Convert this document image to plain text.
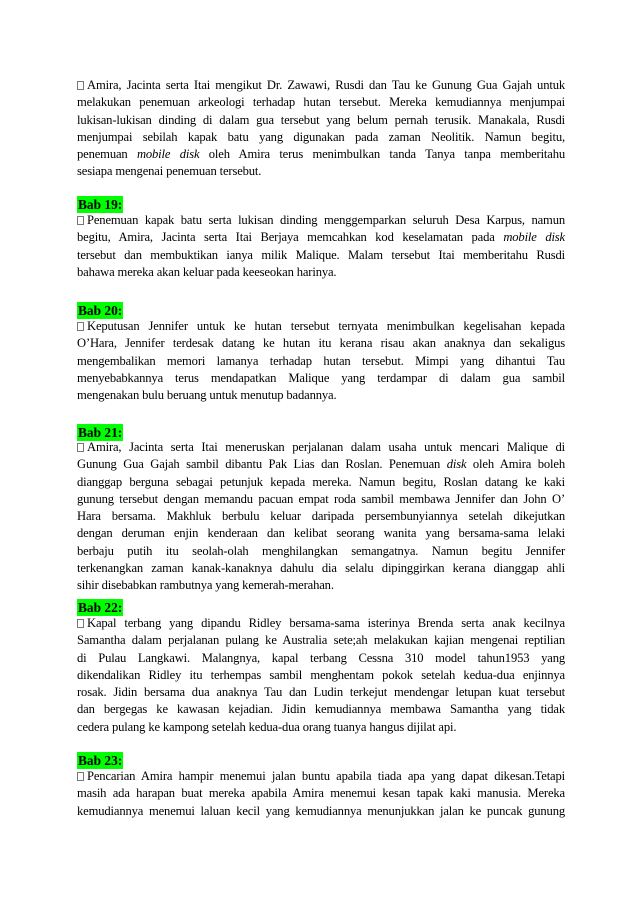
Amira, Jacinta serta Itai mengikut Dr. Zawawi, Rusdi dan Tau ke Gunung Gua Gajah untuk
melakukan penemuan arkeologi terhadap hutan tersebut. Mereka kemudiannya menjumpai
lukisan-lukisan dinding di dalam gua tersebut yang belum pernah terusik. Manakala, Rusdi
menjumpai sebilah kapak batu yang digunakan pada zaman Neolitik. Namun begitu,
penemuan mobile disk oleh Amira terus menimbulkan tanda Tanya tanpa memberitahu
sesiapa mengenai penemuan tersebut.
Bab 19:
Penemuan kapak batu serta lukisan dinding menggemparkan seluruh Desa Karpus, namun
begitu, Amira, Jacinta serta Itai Berjaya memcahkan kod keselamatan pada mobile disk
tersebut dan membuktikan ianya milik Malique. Malam tersebut Itai memberitahu Rusdi
bahawa mereka akan keluar pada keeseokan harinya.
Bab 20:
Keputusan Jennifer untuk ke hutan tersebut ternyata menimbulkan kegelisahan kepada
O’Hara, Jennifer terdesak datang ke hutan itu kerana risau akan anaknya dan sekaligus
mengembalikan memori lamanya terhadap hutan tersebut. Mimpi yang dihantui Tau
menyebabkannya terus mendapatkan Malique yang terdampar di dalam gua sambil
mengenakan bulu beruang untuk menutup badannya.
Bab 21:
Amira, Jacinta serta Itai meneruskan perjalanan dalam usaha untuk mencari Malique di
Gunung Gua Gajah sambil dibantu Pak Lias dan Roslan. Penemuan disk oleh Amira boleh
dianggap berguna sebagai petunjuk kepada mereka. Namun begitu, Roslan datang ke kaki
gunung tersebut dengan memandu pacuan empat roda sambil membawa Jennifer dan John O’
Hara bersama. Makhluk berbulu keluar daripada persembunyiannya setelah dikejutkan
dengan deruman enjin kenderaan dan kelibat seorang wanita yang bersama-sama lelaki
berbaju putih itu seolah-olah menghilangkan semangatnya. Namun begitu Jennifer
terkenangkan zaman kanak-kanaknya dahulu dia selalu dipinggirkan kerana dianggap ahli
sihir disebabkan rambutnya yang kemerah-merahan.
Bab 22:
Kapal terbang yang dipandu Ridley bersama-sama isterinya Brenda serta anak kecilnya
Samantha dalam perjalanan pulang ke Australia sete;ah melakukan kajian mengenai reptilian
di Pulau Langkawi. Malangnya, kapal terbang Cessna 310 model tahun1953 yang
dikendalikan Ridley itu terhempas sambil menghentam pokok setelah kedua-dua enjinnya
rosak. Jidin bersama dua anaknya Tau dan Ludin terkejut mendengar letupan kuat tersebut
dan bergegas ke kawasan kejadian. Jidin kemudiannya membawa Samantha yang tidak
cedera pulang ke kampong setelah kedua-dua orang tuanya hangus dijilat api.
Bab 23:
Pencarian Amira hampir menemui jalan buntu apabila tiada apa yang dapat dikesan.Tetapi
masih ada harapan buat mereka apabila Amira menemui kesan tapak kaki manusia. Mereka
kemudiannya menemui laluan kecil yang kemudiannya menunjukkan jalan ke puncak gunung
